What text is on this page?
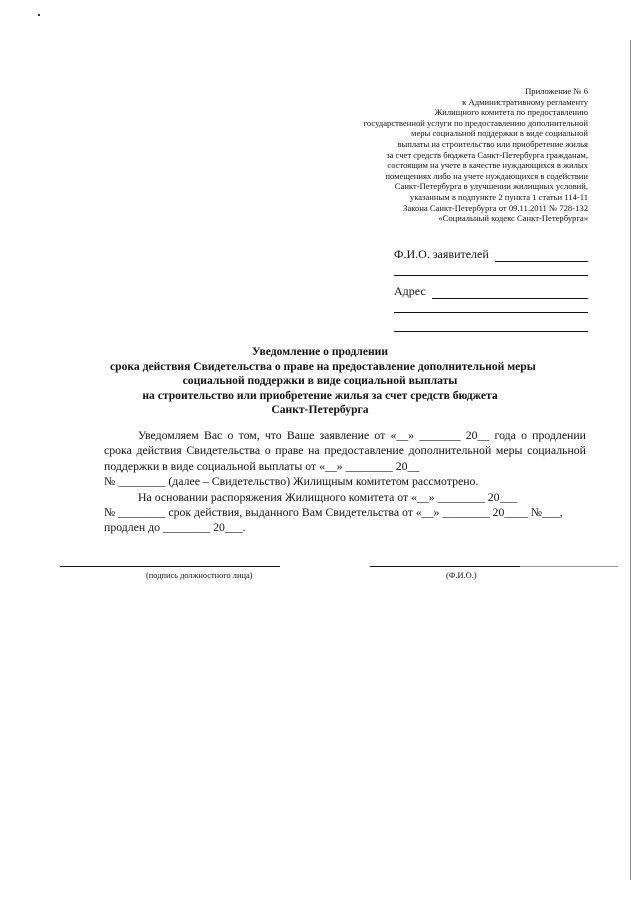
Приложение № 6
к Административному регламенту
Жилищного комитета по предоставлению
государственной услуги по предоставлению дополнительной
меры социальной поддержки в виде социальной
выплаты на строительство или приобретение жилья
за счет средств бюджета Санкт-Петербурга гражданам,
состоящим на учете в качестве нуждающихся в жилых
помещениях либо на учете нуждающихся в содействии
Санкт-Петербурга в улучшении жилищных условий,
указанным в подпункте 2 пункта 1 статьи 114-11
Закона Санкт-Петербурга от 09.11.2011 № 728-132
«Социальный кодекс Санкт-Петербурга»
Ф.И.О. заявителей
Адрес
Уведомление о продлении
срока действия Свидетельства о праве на предоставление дополнительной меры
социальной поддержки в виде социальной выплаты
на строительство или приобретение жилья за счет средств бюджета
Санкт-Петербурга

Уведомляем Вас о том, что Ваше заявление от «__» _______ 20__ года о продлении срока действия Свидетельства о праве на предоставление дополнительной меры социальной поддержки в виде социальной выплаты от «__» ________ 20__

№ ________ (далее – Свидетельство) Жилищным комитетом рассмотрено.

На основании распоряжения Жилищного комитета от «__» ________ 20___

№ ________ срок действия, выданного Вам Свидетельства от «__» ________ 20____ №___,

продлен до ________ 20___.

(подпись должностного лица)	(Ф.И.О.)
